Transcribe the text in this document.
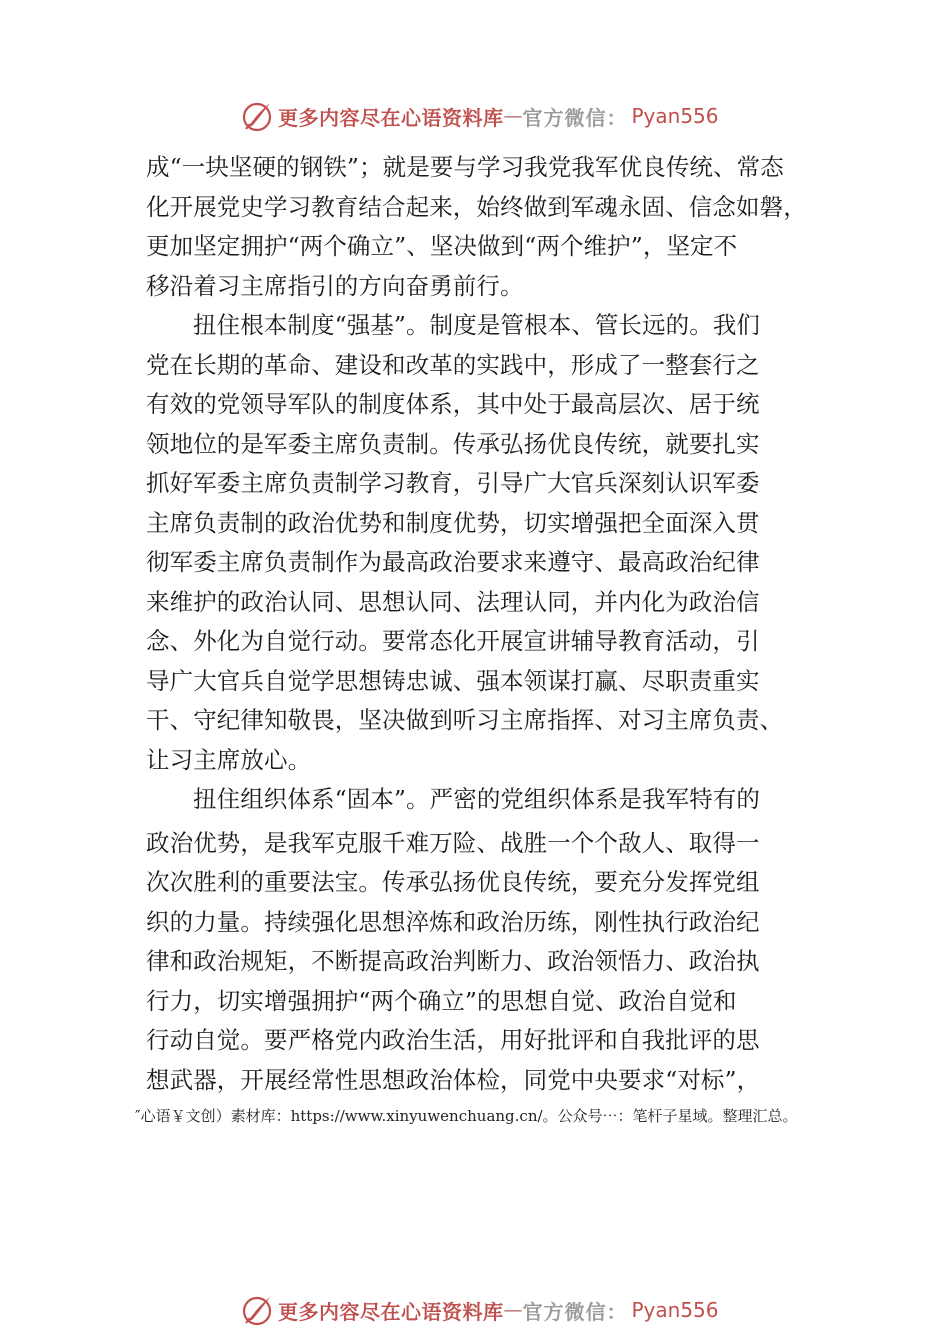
更多内容尽在心语资料库 — 官方微信： Pyan556
成“一块坚硬的钢铁”；就是要与学习我党我军优良传统、常态
化开展党史学习教育结合起来，始终做到军魂永固、信念如磐，
更加坚定拥护“两个确立”、坚决做到“两个维护”，坚定不
移沿着习主席指引的方向奋勇前行。
扭住根本制度“强基”。制度是管根本、管长远的。我们
党在长期的革命、建设和改革的实践中，形成了一整套行之
有效的党领导军队的制度体系，其中处于最高层次、居于统
领地位的是军委主席负责制。传承弘扬优良传统，就要扎实
抓好军委主席负责制学习教育，引导广大官兵深刻认识军委
主席负责制的政治优势和制度优势，切实增强把全面深入贯
彻军委主席负责制作为最高政治要求来遵守、最高政治纪律
来维护的政治认同、思想认同、法理认同，并内化为政治信
念、外化为自觉行动。要常态化开展宣讲辅导教育活动，引
导广大官兵自觉学思想铸忠诚、强本领谋打赢、尽职责重实
干、守纪律知敬畏，坚决做到听习主席指挥、对习主席负责、
让习主席放心。
扭住组织体系“固本”。严密的党组织体系是我军特有的
政治优势，是我军克服千难万险、战胜一个个敌人、取得一
次次胜利的重要法宝。传承弘扬优良传统，要充分发挥党组
织的力量。持续强化思想淬炼和政治历练，刚性执行政治纪
律和政治规矩，不断提高政治判断力、政治领悟力、政治执
行力，切实增强拥护“两个确立”的思想自觉、政治自觉和
行动自觉。要严格党内政治生活，用好批评和自我批评的思
想武器，开展经常性思想政治体检，同党中央要求“对标”，
″心语￥文创）素材库：https://www.xinyuwenchuang.cn/。公众号⋯：笔杆子星域。整理汇总。
更多内容尽在心语资料库 — 官方微信： Pyan556
